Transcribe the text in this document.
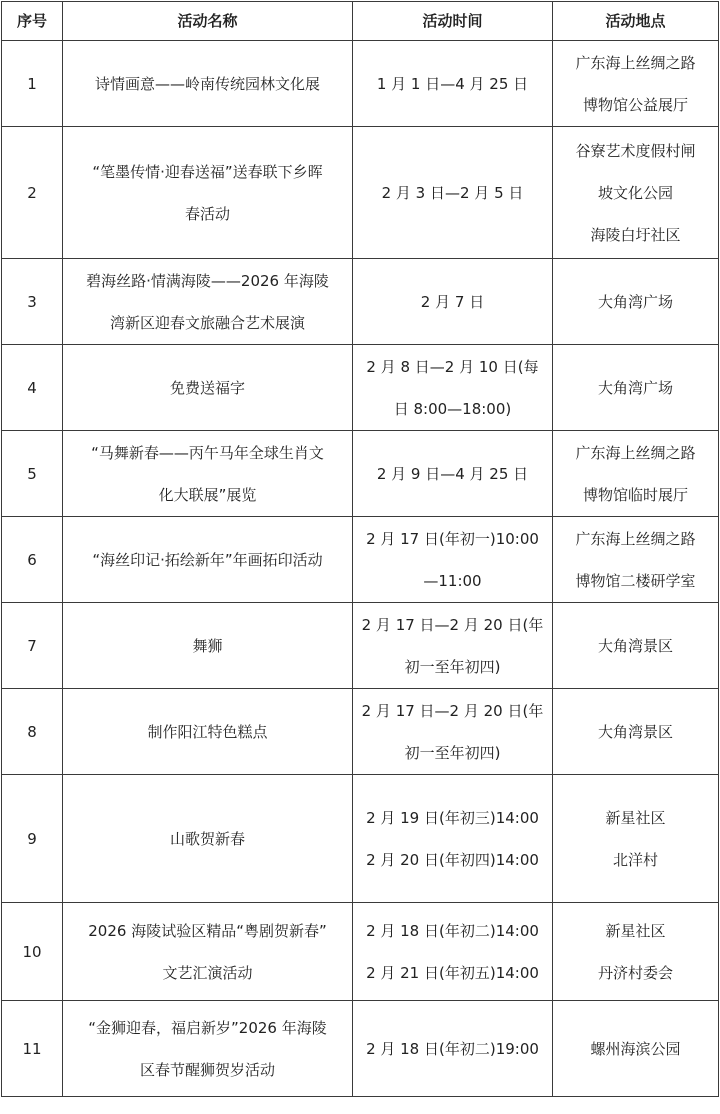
序号	活动名称	活动时间	活动地点
1	诗情画意——岭南传统园林文化展	1 月 1 日—4 月 25 日	广东海上丝绸之路
博物馆公益展厅

2	“笔墨传情·迎春送福”送春联下乡晖
春活动	2 月 3 日—2 月 5 日	谷寮艺术度假村闸
坡文化公园
海陵白圩社区

3	碧海丝路·情满海陵——2026 年海陵
湾新区迎春文旅融合艺术展演	2 月 7 日	大角湾广场

4	免费送福字	2 月 8 日—2 月 10 日(每
日 8:00—18:00)	大角湾广场

5	“马舞新春——丙午马年全球生肖文
化大联展”展览	2 月 9 日—4 月 25 日	广东海上丝绸之路
博物馆临时展厅

6	“海丝印记·拓绘新年”年画拓印活动	2 月 17 日(年初一)10:00
—11:00	广东海上丝绸之路
博物馆二楼研学室

7	舞狮	2 月 17 日—2 月 20 日(年
初一至年初四)	大角湾景区

8	制作阳江特色糕点	2 月 17 日—2 月 20 日(年
初一至年初四)	大角湾景区

9	山歌贺新春	2 月 19 日(年初三)14:00
2 月 20 日(年初四)14:00	新星社区
北洋村

10	2026 海陵试验区精品“粤剧贺新春”
文艺汇演活动	2 月 18 日(年初二)14:00
2 月 21 日(年初五)14:00	新星社区
丹济村委会

11	“金狮迎春，福启新岁”2026 年海陵
区春节醒狮贺岁活动	2 月 18 日(年初二)19:00	螺州海滨公园
